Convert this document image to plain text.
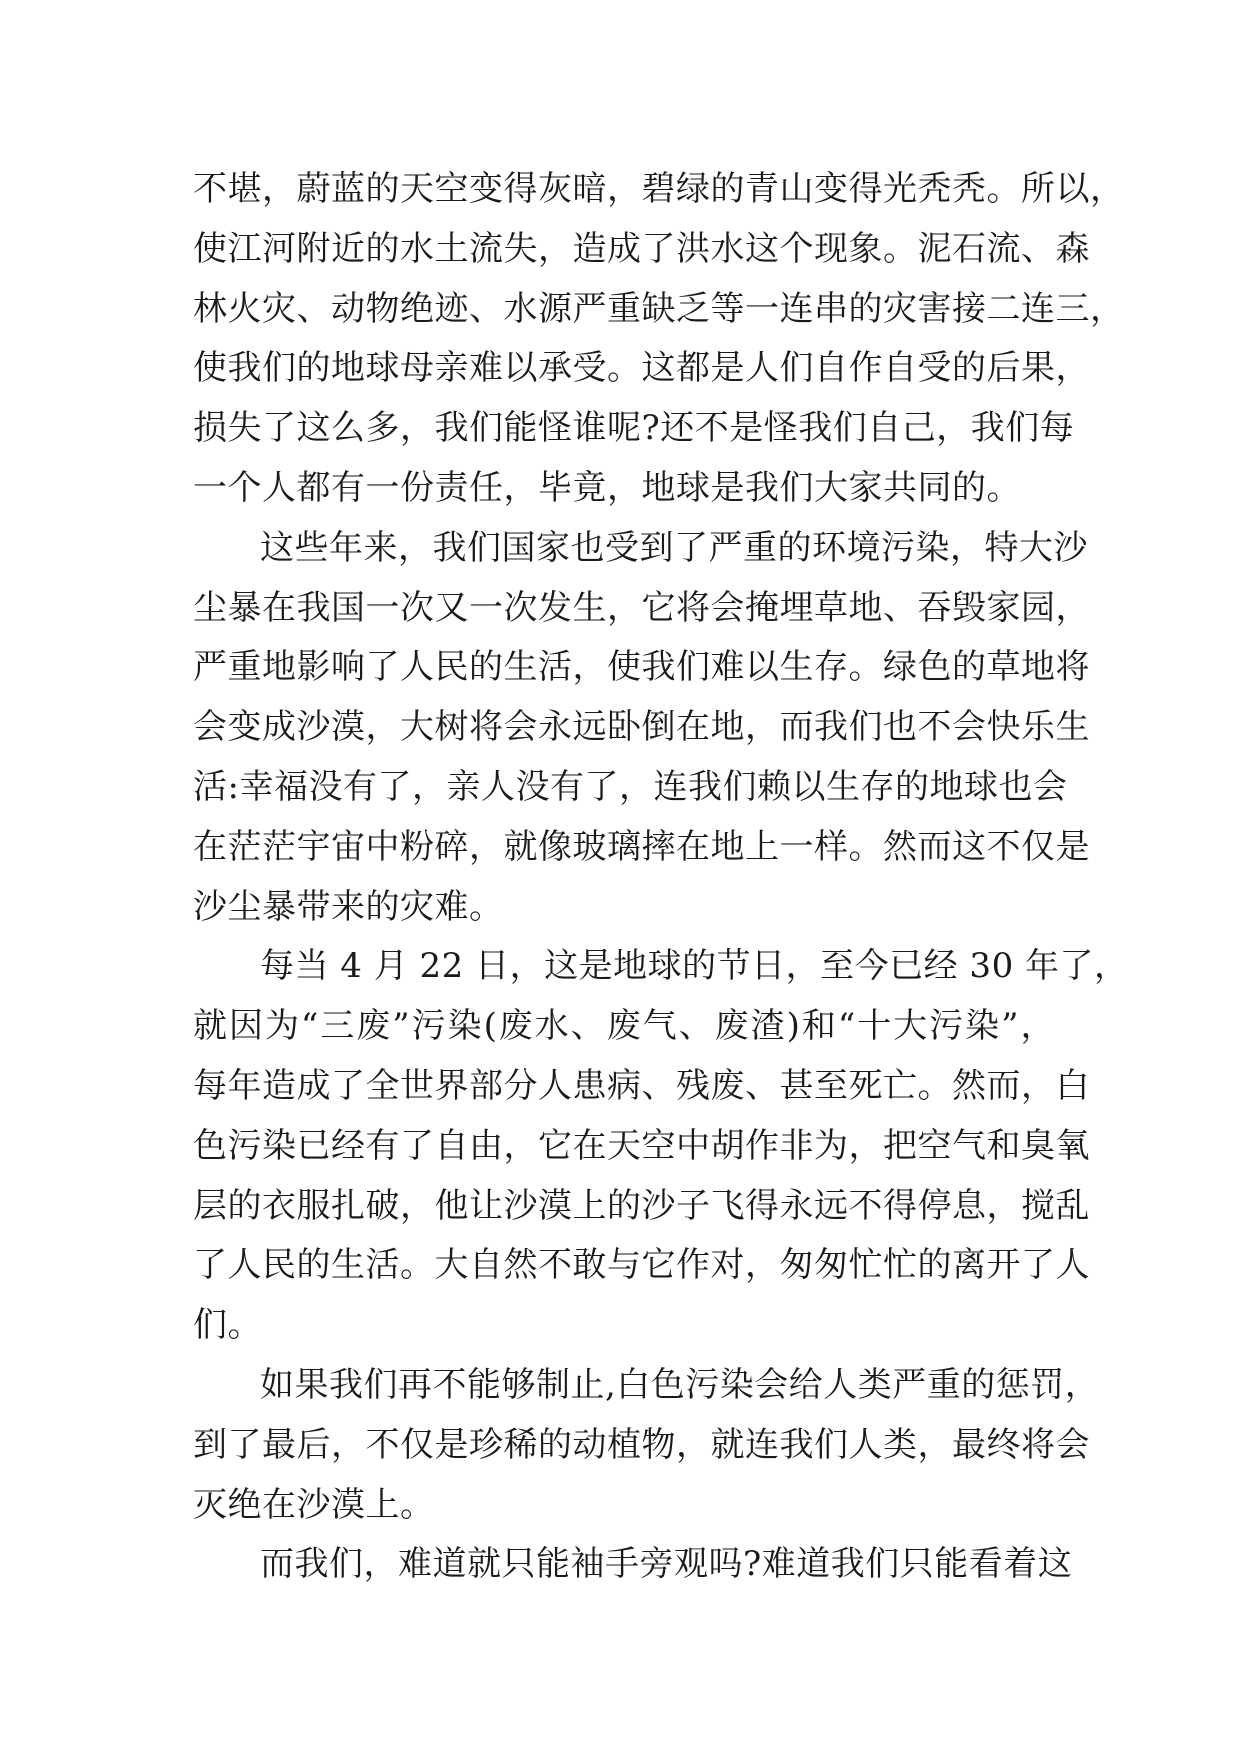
不堪，蔚蓝的天空变得灰暗，碧绿的青山变得光秃秃。所以，
使江河附近的水土流失，造成了洪水这个现象。泥石流、森
林火灾、动物绝迹、水源严重缺乏等一连串的灾害接二连三，
使我们的地球母亲难以承受。这都是人们自作自受的后果，
损失了这么多，我们能怪谁呢?还不是怪我们自己，我们每
一个人都有一份责任，毕竟，地球是我们大家共同的。
这些年来，我们国家也受到了严重的环境污染，特大沙
尘暴在我国一次又一次发生，它将会掩埋草地、吞毁家园，
严重地影响了人民的生活，使我们难以生存。绿色的草地将
会变成沙漠，大树将会永远卧倒在地，而我们也不会快乐生
活:幸福没有了，亲人没有了，连我们赖以生存的地球也会
在茫茫宇宙中粉碎，就像玻璃摔在地上一样。然而这不仅是
沙尘暴带来的灾难。
每当 4 月 22 日，这是地球的节日，至今已经 30 年了，
就因为“三废”污染(废水、废气、废渣)和“十大污染”，
每年造成了全世界部分人患病、残废、甚至死亡。然而，白
色污染已经有了自由，它在天空中胡作非为，把空气和臭氧
层的衣服扎破，他让沙漠上的沙子飞得永远不得停息，搅乱
了人民的生活。大自然不敢与它作对，匆匆忙忙的离开了人
们。
如果我们再不能够制止,白色污染会给人类严重的惩罚，
到了最后，不仅是珍稀的动植物，就连我们人类，最终将会
灭绝在沙漠上。
而我们，难道就只能袖手旁观吗?难道我们只能看着这
